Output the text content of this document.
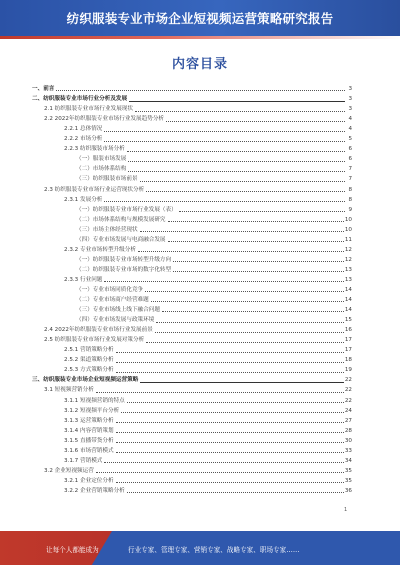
纺织服装专业市场企业短视频运营策略研究报告
内容目录
一、前言	3
二、纺织服装专业市场行业分析及发展	3
2.1 纺织服装专业市场行业发展现状	3
2.2 2022年纺织服装专业市场行业发展趋势分析	4
2.2.1 总体情况	4
2.2.2 市场分析	5
2.2.3 纺织服装市场分析	6
（一）服装市场发展	6
（二）市场体系结构	7
（三）纺织服装市场前景	7
2.3 纺织服装专业市场行业运营现状分析	8
2.3.1 发展分析	8
（一）纺织服装专业市场行业发展（表）	9
（二）市场体系结构与规模发展研究	10
（三）市场主体经营现状	10
（四）专业市场发展与电商融合发展	11
2.3.2 专业市场转型升级分析	12
（一）纺织服装专业市场转型升级方向	12
（二）纺织服装专业市场的数字化转型	13
2.3.3 行业问题	13
（一）专业市场同质化竞争	14
（二）专业市场商户经营难题	14
（三）专业市场线上线下融合问题	14
（四）专业市场发展与政策环境	15
2.4 2022年纺织服装专业市场行业发展前景	16
2.5 纺织服装专业市场行业发展对策分析	17
2.5.1 营销策略分析	17
2.5.2 渠道策略分析	18
2.5.3 方式策略分析	19
三、纺织服装专业市场企业短视频运营策略	22
3.1 短视频营销分析	22
3.1.1 短视频营销的特点	22
3.1.2 短视频平台分析	24
3.1.3 运营策略分析	27
3.1.4 内容营销策划	28
3.1.5 直播带货分析	30
3.1.6 市场营销模式	33
3.1.7 营销模式	34
3.2 企业短视频运营	35
3.2.1 企业定位分析	35
3.2.2 企业营销策略分析	36
1
让每个人都能成为	行业专家、管理专家、营销专家、战略专家、职场专家……
